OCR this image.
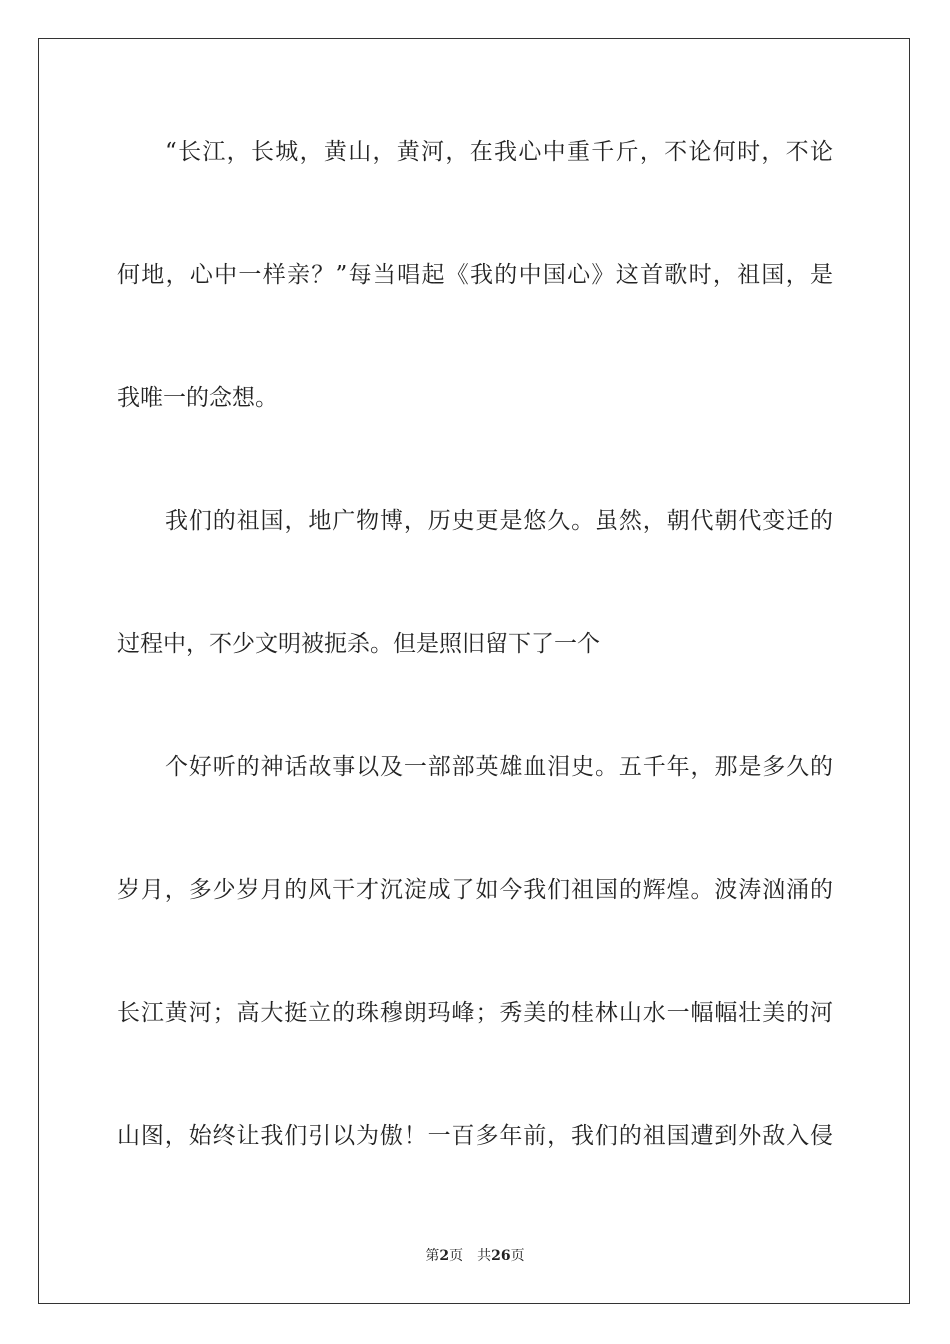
“长江，长城，黄山，黄河，在我心中重千斤，不论何时，不论
何地，心中一样亲？”每当唱起《我的中国心》这首歌时，祖国，是
我唯一的念想。
我们的祖国，地广物博，历史更是悠久。虽然，朝代朝代变迁的
过程中，不少文明被扼杀。但是照旧留下了一个
个好听的神话故事以及一部部英雄血泪史。五千年，那是多久的
岁月，多少岁月的风干才沉淀成了如今我们祖国的辉煌。波涛汹涌的
长江黄河；高大挺立的珠穆朗玛峰；秀美的桂林山水一幅幅壮美的河
山图，始终让我们引以为傲！一百多年前，我们的祖国遭到外敌入侵
第2页 共26页
